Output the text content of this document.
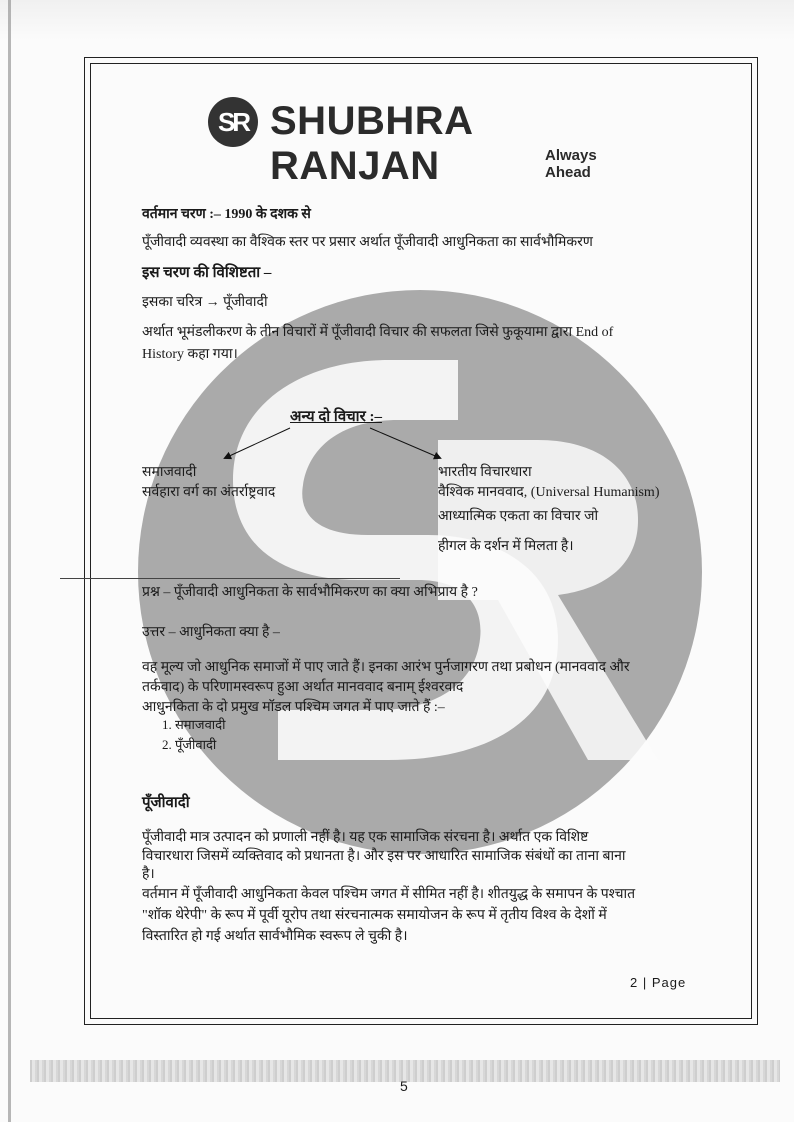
SR SHUBHRA RANJAN	Always Ahead
वर्तमान चरण :– 1990 के दशक से
पूँजीवादी व्यवस्था का वैश्विक स्तर पर प्रसार अर्थात पूँजीवादी आधुनिकता का सार्वभौमिकरण
इस चरण की विशिष्टता –
इसका चरित्र → पूँजीवादी
अर्थात भूमंडलीकरण के तीन विचारों में पूँजीवादी विचार की सफलता जिसे फुकूयामा द्वारा End of
History कहा गया।
अन्य दो विचार :–
समाजवादी
सर्वहारा वर्ग का अंतर्राष्ट्रवाद
भारतीय विचारधारा
वैश्विक मानववाद, (Universal Humanism)
आध्यात्मिक एकता का विचार जो
हीगल के दर्शन में मिलता है।
प्रश्न – पूँजीवादी आधुनिकता के सार्वभौमिकरण का क्या अभिप्राय है ?
उत्तर – आधुनिकता क्या है –
वह मूल्य जो आधुनिक समाजों में पाए जाते हैं। इनका आरंभ पुर्नजागरण तथा प्रबोधन (मानववाद और
तर्कवाद) के परिणामस्वरूप हुआ अर्थात मानववाद बनाम् ईश्वरवाद
आधुनकिता के दो प्रमुख मॉडल पश्चिम जगत में पाए जाते हैं :–
1. समाजवादी
2. पूँजीवादी
पूँजीवादी
पूँजीवादी मात्र उत्पादन को प्रणाली नहीं है। यह एक सामाजिक संरचना है। अर्थात एक विशिष्ट
विचारधारा जिसमें व्यक्तिवाद को प्रधानता है। और इस पर आधारित सामाजिक संबंधों का ताना बाना
है।
वर्तमान में पूँजीवादी आधुनिकता केवल पश्चिम जगत में सीमित नहीं है। शीतयुद्ध के समापन के पश्चात
"शॉक थेरेपी" के रूप में पूर्वी यूरोप तथा संरचनात्मक समायोजन के रूप में तृतीय विश्व के देशों में
विस्तारित हो गई अर्थात सार्वभौमिक स्वरूप ले चुकी है।
2 | Page
5
